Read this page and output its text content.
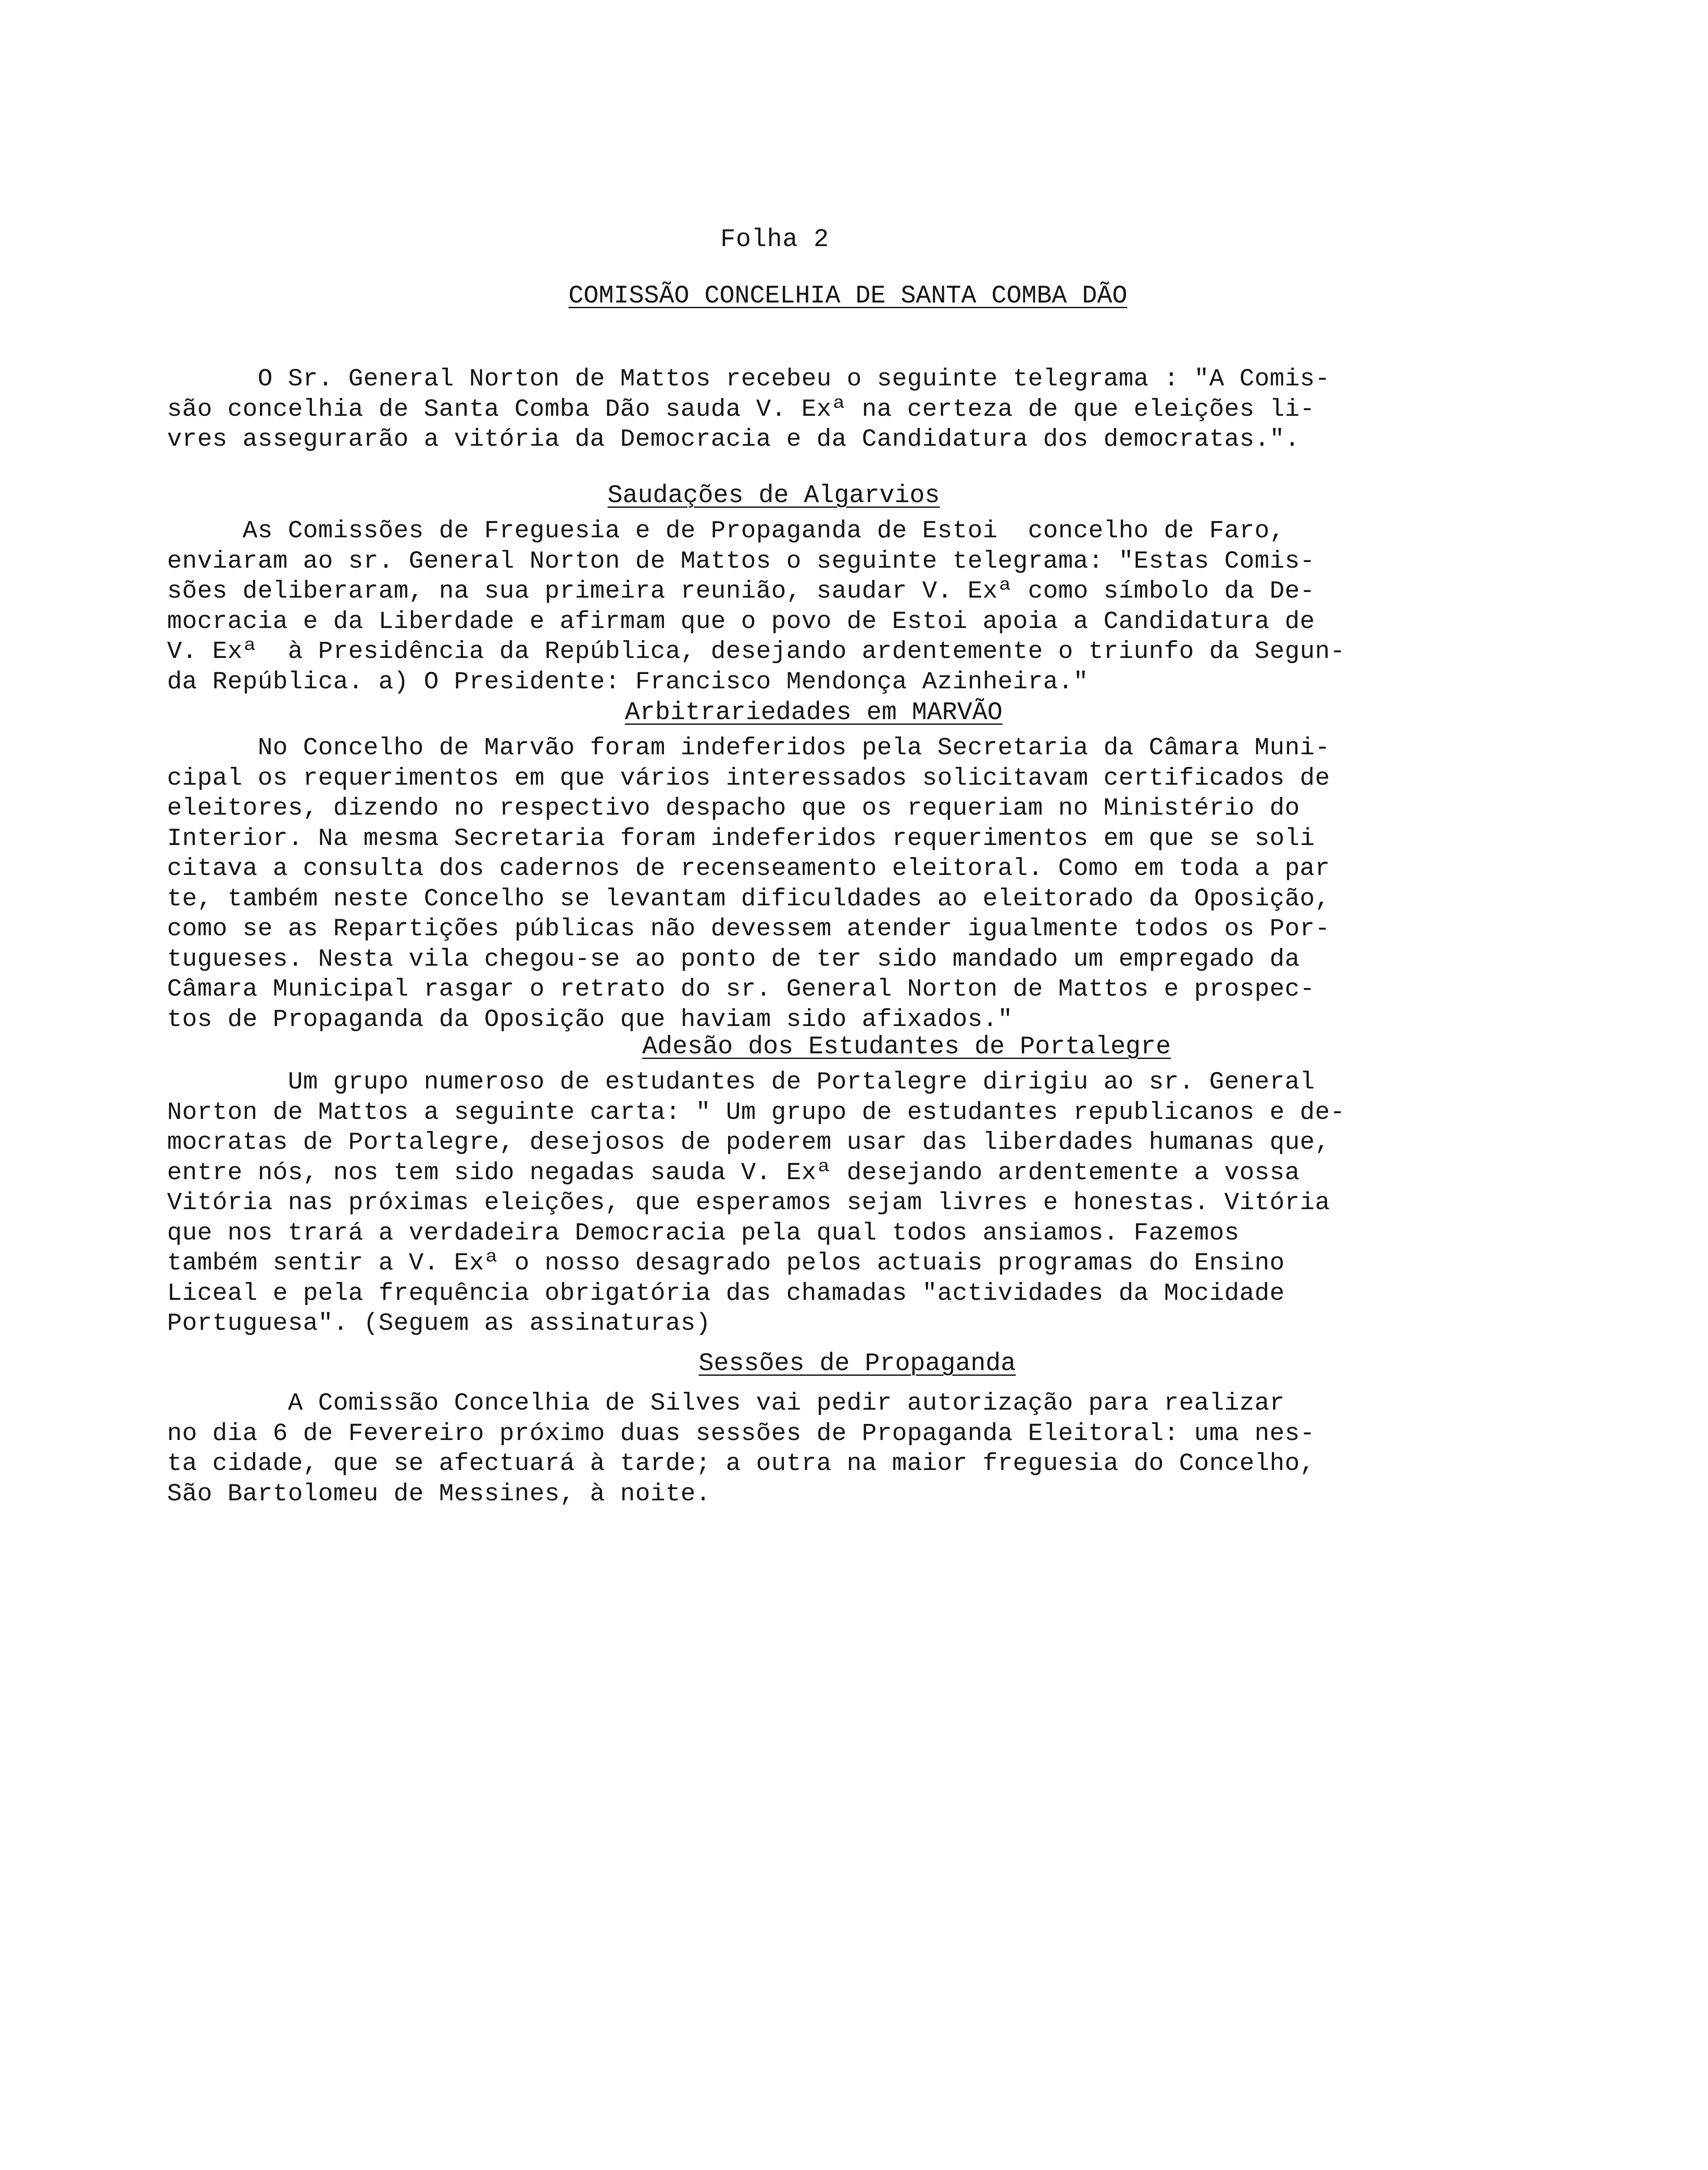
Folha 2
COMISSÃO CONCELHIA DE SANTA COMBA DÃO
O Sr. General Norton de Mattos recebeu o seguinte telegrama : "A Comis-
são concelhia de Santa Comba Dão sauda V. Exª na certeza de que eleições li-
vres assegurarão a vitória da Democracia e da Candidatura dos democratas.".
Saudações de Algarvios
As Comissões de Freguesia e de Propaganda de Estoi  concelho de Faro,
enviaram ao sr. General Norton de Mattos o seguinte telegrama: "Estas Comis-
sões deliberaram, na sua primeira reunião, saudar V. Exª como símbolo da De-
mocracia e da Liberdade e afirmam que o povo de Estoi apoia a Candidatura de
V. Exª  à Presidência da República, desejando ardentemente o triunfo da Segun-
da República. a) O Presidente: Francisco Mendonça Azinheira."
Arbitrariedades em MARVÃO
No Concelho de Marvão foram indeferidos pela Secretaria da Câmara Muni-
cipal os requerimentos em que vários interessados solicitavam certificados de
eleitores, dizendo no respectivo despacho que os requeriam no Ministério do
Interior. Na mesma Secretaria foram indeferidos requerimentos em que se soli
citava a consulta dos cadernos de recenseamento eleitoral. Como em toda a par
te, também neste Concelho se levantam dificuldades ao eleitorado da Oposição,
como se as Repartições públicas não devessem atender igualmente todos os Por-
tugueses. Nesta vila chegou-se ao ponto de ter sido mandado um empregado da
Câmara Municipal rasgar o retrato do sr. General Norton de Mattos e prospec-
tos de Propaganda da Oposição que haviam sido afixados."
Adesão dos Estudantes de Portalegre
Um grupo numeroso de estudantes de Portalegre dirigiu ao sr. General
Norton de Mattos a seguinte carta: " Um grupo de estudantes republicanos e de-
mocratas de Portalegre, desejosos de poderem usar das liberdades humanas que,
entre nós, nos tem sido negadas sauda V. Exª desejando ardentemente a vossa
Vitória nas próximas eleições, que esperamos sejam livres e honestas. Vitória
que nos trará a verdadeira Democracia pela qual todos ansiamos. Fazemos
também sentir a V. Exª o nosso desagrado pelos actuais programas do Ensino
Liceal e pela frequência obrigatória das chamadas "actividades da Mocidade
Portuguesa". (Seguem as assinaturas)
Sessões de Propaganda
A Comissão Concelhia de Silves vai pedir autorização para realizar
no dia 6 de Fevereiro próximo duas sessões de Propaganda Eleitoral: uma nes-
ta cidade, que se afectuará à tarde; a outra na maior freguesia do Concelho,
São Bartolomeu de Messines, à noite.
